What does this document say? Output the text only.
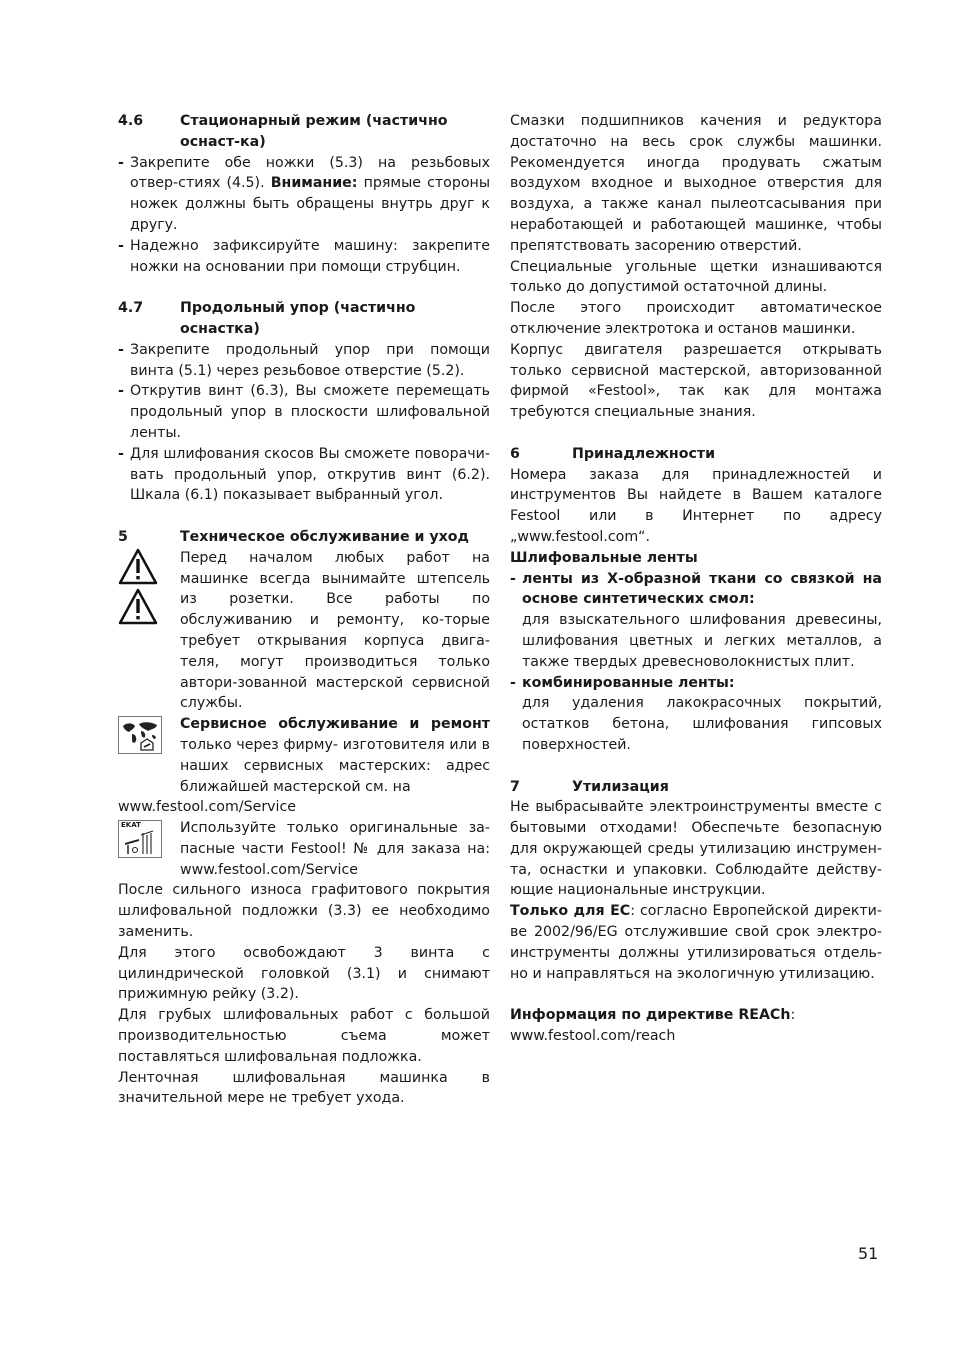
4.6	Стационарный режим (частично оснаст-ка)
- Закрепите обе ножки (5.3) на резьбовых отвер-стиях (4.5). Внимание: прямые стороны ножек должны быть обращены внутрь друг к другу.
- Надежно зафиксируйте машину: закрепите ножки на основании при помощи струбцин.
4.7	Продольный упор (частично оснастка)
- Закрепите продольный упор при помощи винта (5.1) через резьбовое отверстие (5.2).
- Открутив винт (6.3), Вы сможете перемещать продольный упор в плоскости шлифовальной ленты.
- Для шлифования скосов Вы сможете поворачи-вать продольный упор, открутив винт (6.2). Шкала (6.1) показывает выбранный угол.
5	Техническое обслуживание и уход
Перед началом любых работ на машинке всегда вынимайте штепсель из розетки. Все работы по обслуживанию и ремонту, ко-торые требует открывания корпуса двига-теля, могут производиться только автори-зованной мастерской сервисной службы.
Сервисное обслуживание и ремонт только через фирму- изготовителя или в наших сервисных мастерских: адрес ближайшей мастерской см. на

www.festool.com/Service

EKAT	Используйте только оригинальные за-пасные части Festool! № для заказа на: www.festool.com/Service

После сильного износа графитового покрытия шлифовальной подложки (3.3) ее необходимо заменить.

Для этого освобождают 3 винта с цилиндрической головкой (3.1) и снимают прижимную рейку (3.2).

Для грубых шлифовальных работ с большой производительностью съема может поставляться шлифовальная подложка.

Ленточная шлифовальная машинка в значительной мере не требует ухода.

Смазки подшипников качения и редуктора достаточно на весь срок службы машинки. Рекомендуется иногда продувать сжатым воздухом входное и выходное отверстия для воздуха, а также канал пылеотсасывания при неработающей и работающей машинке, чтобы препятствовать засорению отверстий.

Специальные угольные щетки изнашиваются только до допустимой остаточной длины.

После этого происходит автоматическое отключение электротока и останов машинки.

Корпус двигателя разрешается открывать только сервисной мастерской, авторизованной фирмой «Festool», так как для монтажа требуются специальные знания.

6	Принадлежности

Номера заказа для принадлежностей и инструментов Вы найдете в Вашем каталоге Festool или в Интернет по адресу „www.festool.com“.

Шлифовальные ленты

- ленты из Х-образной ткани со связкой на основе синтетических смол:

для взыскательного шлифования древесины, шлифования цветных и легких металлов, а также твердых древесноволокнистых плит.

- комбинированные ленты:

для удаления лакокрасочных покрытий, остатков бетона, шлифования гипсовых поверхностей.

7	Утилизация

Не выбрасывайте электроинструменты вместе с бытовыми отходами! Обеспечьте безопасную для окружающей среды утилизацию инструмен-та, оснастки и упаковки. Соблюдайте действу-ющие национальные инструкции.

Только для ЕС: согласно Европейской директи-ве 2002/96/EG отслужившие свой срок электро-инструменты должны утилизироваться отдель-но и направляться на экологичную утилизацию.

Информация по директиве REACh:

www.festool.com/reach

51
